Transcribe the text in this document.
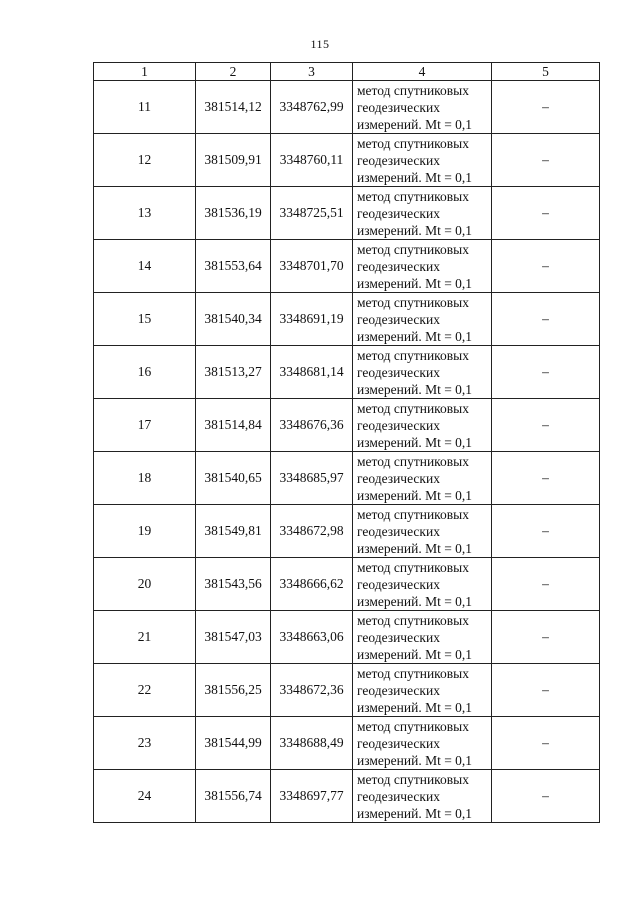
115
1	2	3	4	5
11	381514,12	3348762,99	метод спутниковых
геодезических
измерений. Mt = 0,1	–
12	381509,91	3348760,11	метод спутниковых
геодезических
измерений. Mt = 0,1	–
13	381536,19	3348725,51	метод спутниковых
геодезических
измерений. Mt = 0,1	–
14	381553,64	3348701,70	метод спутниковых
геодезических
измерений. Mt = 0,1	–
15	381540,34	3348691,19	метод спутниковых
геодезических
измерений. Mt = 0,1	–
16	381513,27	3348681,14	метод спутниковых
геодезических
измерений. Mt = 0,1	–
17	381514,84	3348676,36	метод спутниковых
геодезических
измерений. Mt = 0,1	–
18	381540,65	3348685,97	метод спутниковых
геодезических
измерений. Mt = 0,1	–
19	381549,81	3348672,98	метод спутниковых
геодезических
измерений. Mt = 0,1	–
20	381543,56	3348666,62	метод спутниковых
геодезических
измерений. Mt = 0,1	–
21	381547,03	3348663,06	метод спутниковых
геодезических
измерений. Mt = 0,1	–
22	381556,25	3348672,36	метод спутниковых
геодезических
измерений. Mt = 0,1	–
23	381544,99	3348688,49	метод спутниковых
геодезических
измерений. Mt = 0,1	–
24	381556,74	3348697,77	метод спутниковых
геодезических
измерений. Mt = 0,1	–
